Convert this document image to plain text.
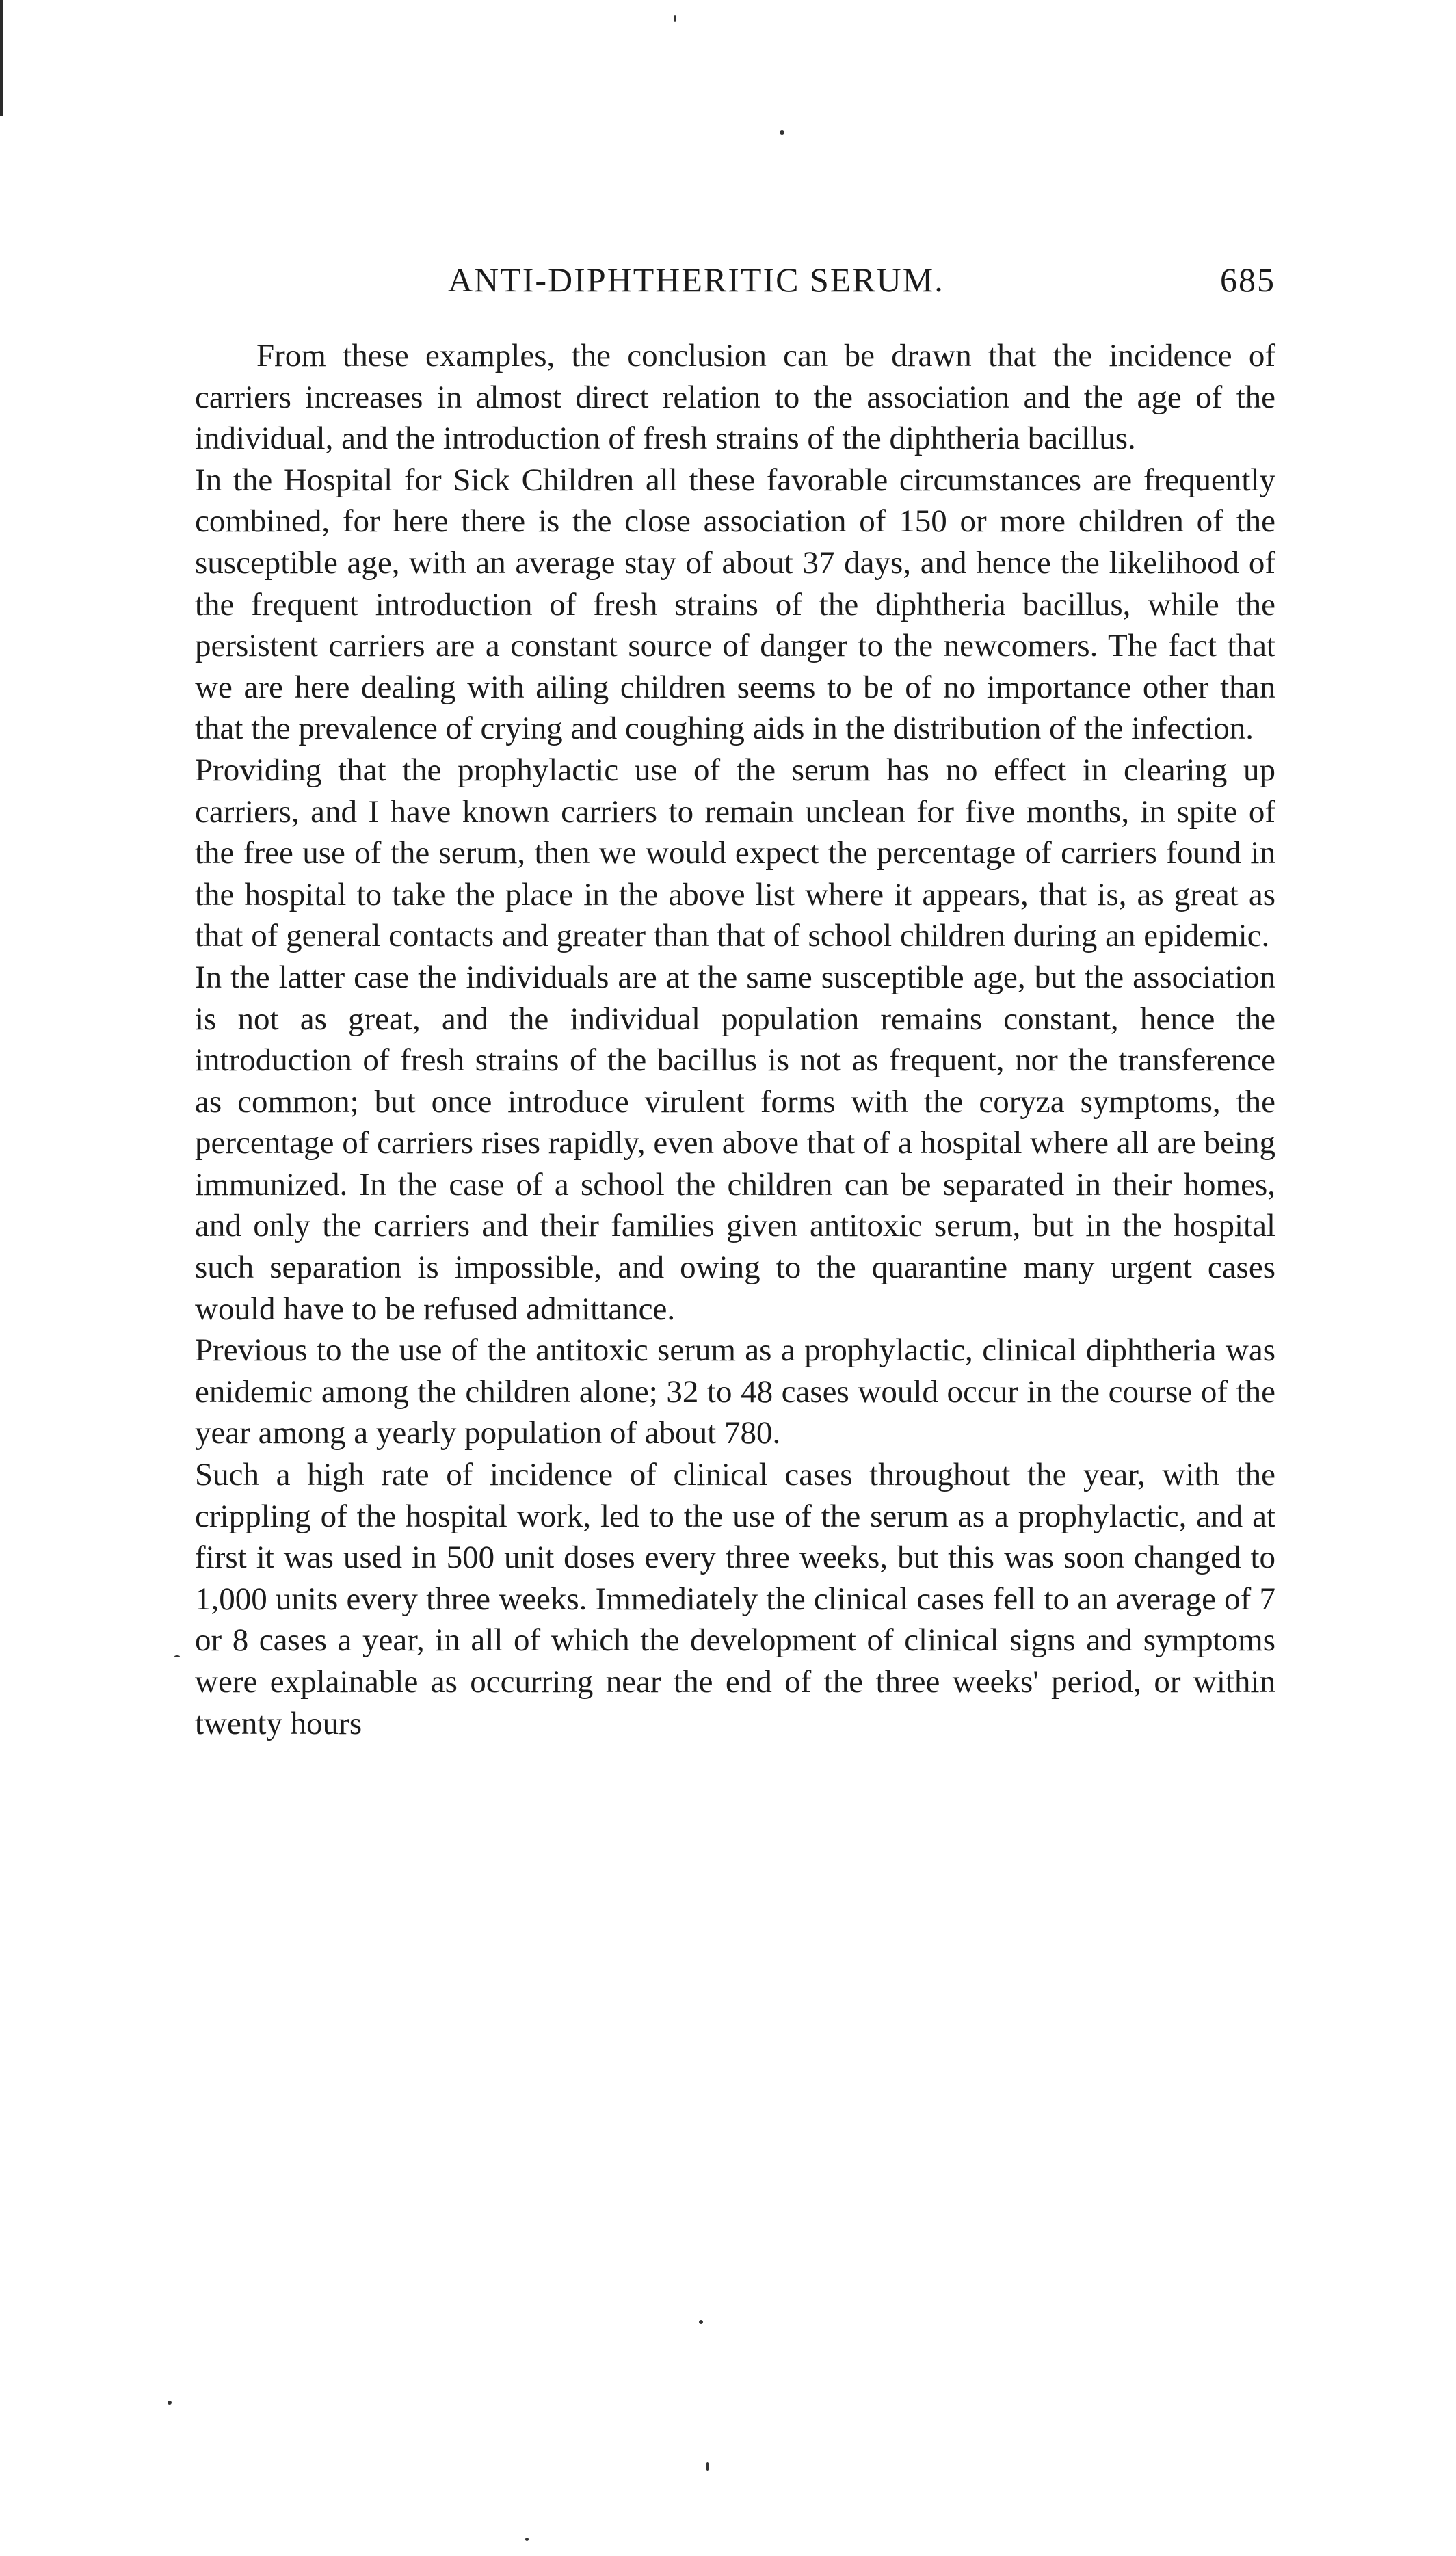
ANTI-DIPHTHERITIC SERUM.	685

From these examples, the conclusion can be drawn that the incidence of carriers increases in almost direct relation to the association and the age of the individual, and the introduction of fresh strains of the diphtheria bacillus.

In the Hospital for Sick Children all these favorable circumstances are frequently combined, for here there is the close association of 150 or more children of the susceptible age, with an average stay of about 37 days, and hence the likelihood of the frequent introduction of fresh strains of the diphtheria bacillus, while the persistent carriers are a constant source of danger to the newcomers. The fact that we are here dealing with ailing children seems to be of no importance other than that the prevalence of crying and coughing aids in the distribution of the infection.

Providing that the prophylactic use of the serum has no effect in clearing up carriers, and I have known carriers to remain unclean for five months, in spite of the free use of the serum, then we would expect the percentage of carriers found in the hospital to take the place in the above list where it appears, that is, as great as that of general contacts and greater than that of school children during an epidemic.

In the latter case the individuals are at the same susceptible age, but the association is not as great, and the individual population remains constant, hence the introduction of fresh strains of the bacillus is not as frequent, nor the transference as common; but once introduce virulent forms with the coryza symptoms, the percentage of carriers rises rapidly, even above that of a hospital where all are being immunized. In the case of a school the children can be separated in their homes, and only the carriers and their families given antitoxic serum, but in the hospital such separation is impossible, and owing to the quarantine many urgent cases would have to be refused admittance.

Previous to the use of the antitoxic serum as a prophylactic, clinical diphtheria was enidemic among the children alone; 32 to 48 cases would occur in the course of the year among a yearly population of about 780.

Such a high rate of incidence of clinical cases throughout the year, with the crippling of the hospital work, led to the use of the serum as a prophylactic, and at first it was used in 500 unit doses every three weeks, but this was soon changed to 1,000 units every three weeks. Immediately the clinical cases fell to an average of 7 or 8 cases a year, in all of which the development of clinical signs and symptoms were explainable as occurring near the end of the three weeks' period, or within twenty hours
